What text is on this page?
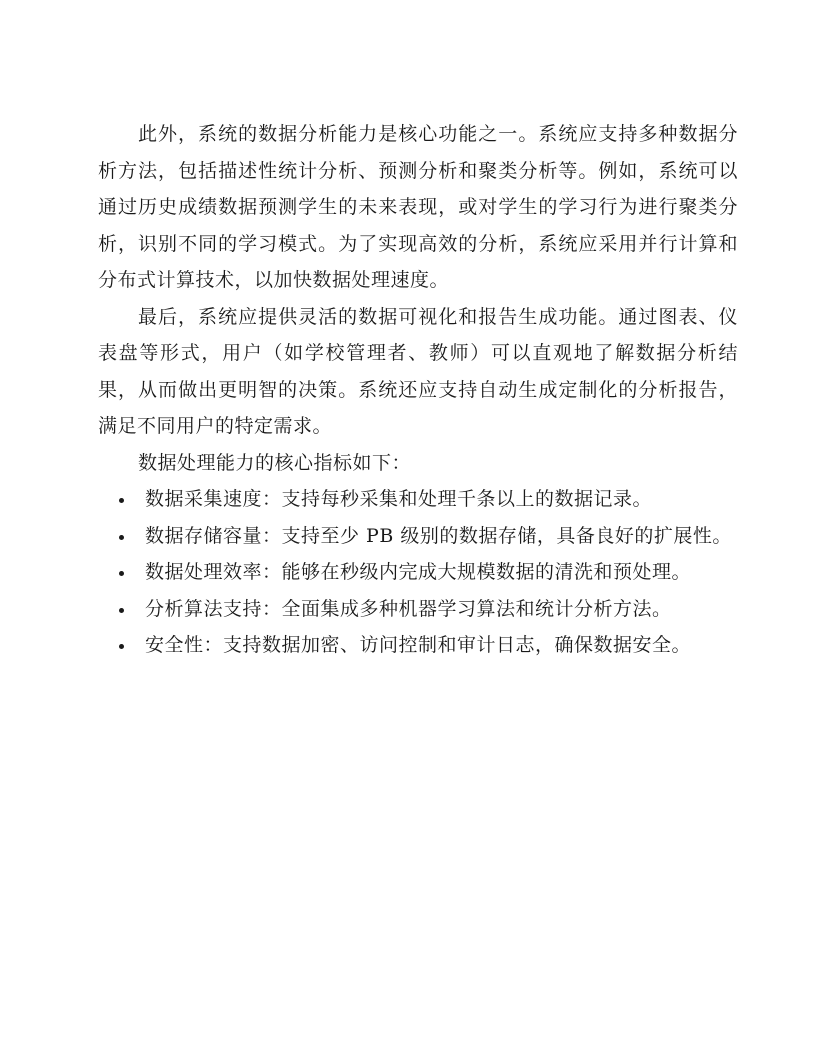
此外，系统的数据分析能力是核心功能之一。系统应支持多种数据分析方法，包括描述性统计分析、预测分析和聚类分析等。例如，系统可以通过历史成绩数据预测学生的未来表现，或对学生的学习行为进行聚类分析，识别不同的学习模式。为了实现高效的分析，系统应采用并行计算和分布式计算技术，以加快数据处理速度。

最后，系统应提供灵活的数据可视化和报告生成功能。通过图表、仪表盘等形式，用户（如学校管理者、教师）可以直观地了解数据分析结果，从而做出更明智的决策。系统还应支持自动生成定制化的分析报告，满足不同用户的特定需求。

数据处理能力的核心指标如下：

数据采集速度：支持每秒采集和处理千条以上的数据记录。
数据存储容量：支持至少 PB 级别的数据存储，具备良好的扩展性。
数据处理效率：能够在秒级内完成大规模数据的清洗和预处理。
分析算法支持：全面集成多种机器学习算法和统计分析方法。
安全性：支持数据加密、访问控制和审计日志，确保数据安全。
